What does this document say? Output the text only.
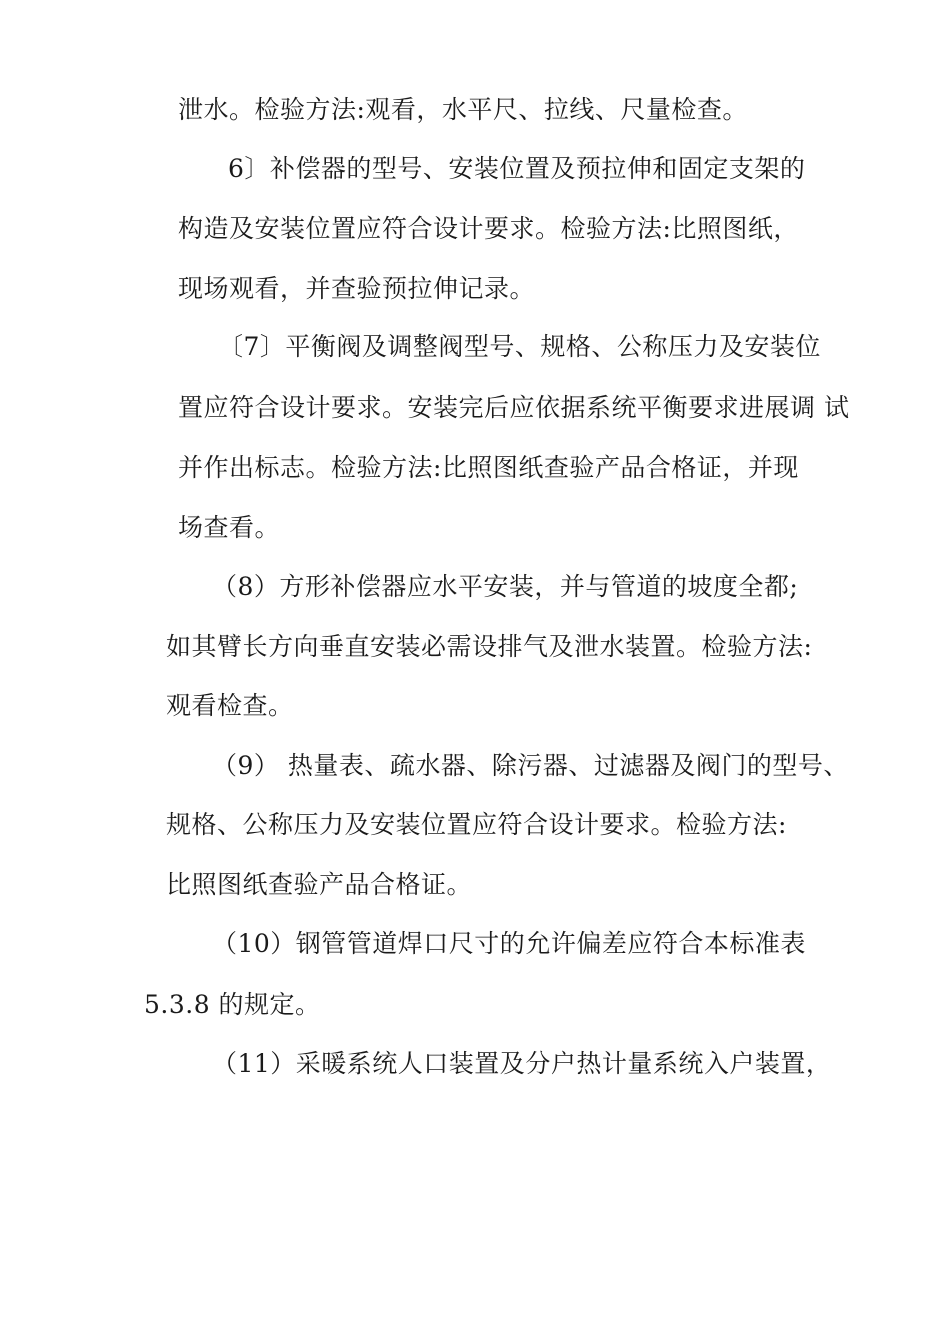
泄水。检验方法:观看，水平尺、拉线、尺量检查。
6〕补偿器的型号、安装位置及预拉伸和固定支架的
构造及安装位置应符合设计要求。检验方法:比照图纸，
现场观看，并查验预拉伸记录。
〔7〕平衡阀及调整阀型号、规格、公称压力及安装位
置应符合设计要求。安装完后应依据系统平衡要求进展调 试
并作出标志。检验方法:比照图纸查验产品合格证，并现
场查看。
（8）方形补偿器应水平安装，并与管道的坡度全都;
如其臂长方向垂直安装必需设排气及泄水装置。检验方法:
观看检查。
（9） 热量表、疏水器、除污器、过滤器及阀门的型号、
规格、公称压力及安装位置应符合设计要求。检验方法:
比照图纸查验产品合格证。
（10）钢管管道焊口尺寸的允许偏差应符合本标准表
5.3.8 的规定。
（11）采暖系统人口装置及分户热计量系统入户装置，
